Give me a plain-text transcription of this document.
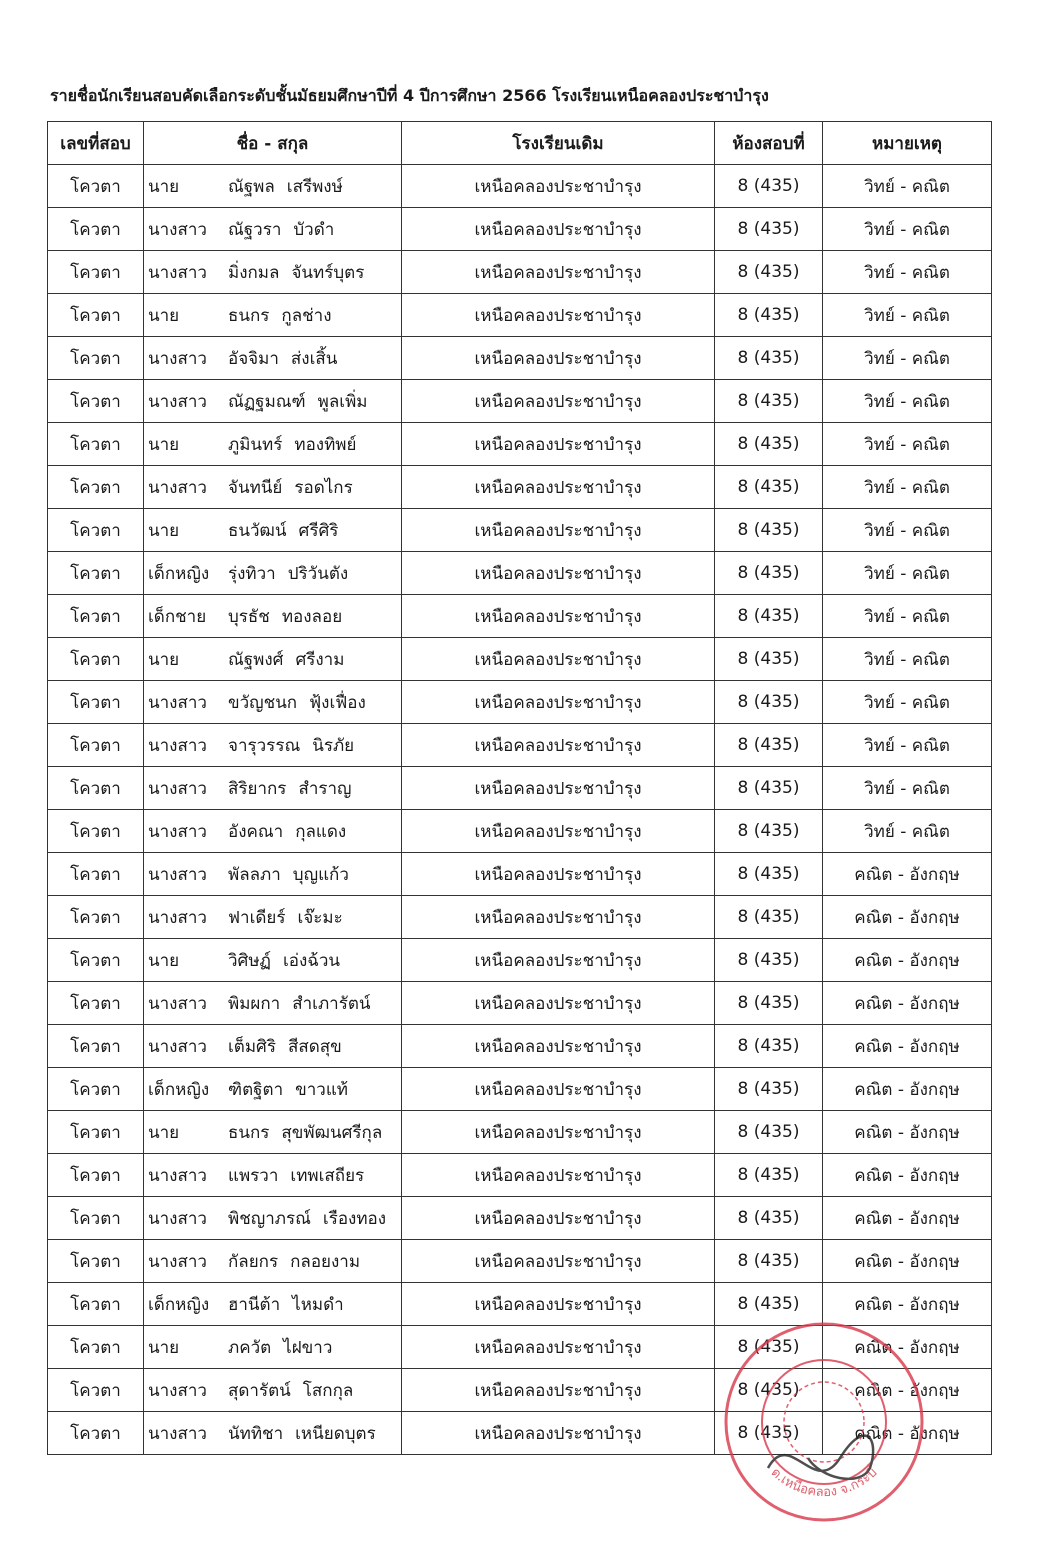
รายชื่อนักเรียนสอบคัดเลือกระดับชั้นมัธยมศึกษาปีที่ 4 ปีการศึกษา 2566 โรงเรียนเหนือคลองประชาบำรุง
เลขที่สอบ	ชื่อ - สกุล	โรงเรียนเดิม	ห้องสอบที่	หมายเหตุ
โควตา	นาย ณัฐพล เสรีพงษ์	เหนือคลองประชาบำรุง	8 (435)	วิทย์ - คณิต
โควตา	นางสาว ณัฐวรา บัวดำ	เหนือคลองประชาบำรุง	8 (435)	วิทย์ - คณิต
โควตา	นางสาว มิ่งกมล จันทร์บุตร	เหนือคลองประชาบำรุง	8 (435)	วิทย์ - คณิต
โควตา	นาย ธนกร กูลช่าง	เหนือคลองประชาบำรุง	8 (435)	วิทย์ - คณิต
โควตา	นางสาว อัจจิมา ส่งเสิ้น	เหนือคลองประชาบำรุง	8 (435)	วิทย์ - คณิต
โควตา	นางสาว ณัฏฐมณฑ์ พูลเพิ่ม	เหนือคลองประชาบำรุง	8 (435)	วิทย์ - คณิต
โควตา	นาย ภูมินทร์ ทองทิพย์	เหนือคลองประชาบำรุง	8 (435)	วิทย์ - คณิต
โควตา	นางสาว จันทนีย์ รอดไกร	เหนือคลองประชาบำรุง	8 (435)	วิทย์ - คณิต
โควตา	นาย ธนวัฒน์ ศรีศิริ	เหนือคลองประชาบำรุง	8 (435)	วิทย์ - คณิต
โควตา	เด็กหญิง รุ่งทิวา ปริวันตัง	เหนือคลองประชาบำรุง	8 (435)	วิทย์ - คณิต
โควตา	เด็กชาย บุรธัช ทองลอย	เหนือคลองประชาบำรุง	8 (435)	วิทย์ - คณิต
โควตา	นาย ณัฐพงศ์ ศรีงาม	เหนือคลองประชาบำรุง	8 (435)	วิทย์ - คณิต
โควตา	นางสาว ขวัญชนก ฟุ้งเฟื่อง	เหนือคลองประชาบำรุง	8 (435)	วิทย์ - คณิต
โควตา	นางสาว จารุวรรณ นิรภัย	เหนือคลองประชาบำรุง	8 (435)	วิทย์ - คณิต
โควตา	นางสาว สิริยากร สำราญ	เหนือคลองประชาบำรุง	8 (435)	วิทย์ - คณิต
โควตา	นางสาว อังคณา กุลแดง	เหนือคลองประชาบำรุง	8 (435)	วิทย์ - คณิต
โควตา	นางสาว พัลลภา บุญแก้ว	เหนือคลองประชาบำรุง	8 (435)	คณิต - อังกฤษ
โควตา	นางสาว ฟาเดียร์ เจ๊ะมะ	เหนือคลองประชาบำรุง	8 (435)	คณิต - อังกฤษ
โควตา	นาย วิศิษฏ์ เอ่งฉ้วน	เหนือคลองประชาบำรุง	8 (435)	คณิต - อังกฤษ
โควตา	นางสาว พิมผกา สำเภารัตน์	เหนือคลองประชาบำรุง	8 (435)	คณิต - อังกฤษ
โควตา	นางสาว เต็มศิริ สีสดสุข	เหนือคลองประชาบำรุง	8 (435)	คณิต - อังกฤษ
โควตา	เด็กหญิง ฑิตฐิตา ขาวแท้	เหนือคลองประชาบำรุง	8 (435)	คณิต - อังกฤษ
โควตา	นาย ธนกร สุขพัฒนศรีกุล	เหนือคลองประชาบำรุง	8 (435)	คณิต - อังกฤษ
โควตา	นางสาว แพรวา เทพเสถียร	เหนือคลองประชาบำรุง	8 (435)	คณิต - อังกฤษ
โควตา	นางสาว พิชญาภรณ์ เรืองทอง	เหนือคลองประชาบำรุง	8 (435)	คณิต - อังกฤษ
โควตา	นางสาว กัลยกร กลอยงาม	เหนือคลองประชาบำรุง	8 (435)	คณิต - อังกฤษ
โควตา	เด็กหญิง ฮานีต้า ไหมดำ	เหนือคลองประชาบำรุง	8 (435)	คณิต - อังกฤษ
โควตา	นาย ภควัต ไฝขาว	เหนือคลองประชาบำรุง	8 (435)	คณิต - อังกฤษ
โควตา	นางสาว สุดารัตน์ โสกกุล	เหนือคลองประชาบำรุง	8 (435)	คณิต - อังกฤษ
โควตา	นางสาว นัททิชา เหนียดบุตร	เหนือคลองประชาบำรุง	8 (435)	คณิต - อังกฤษ
ด.เหนือคลอง จ.กระบี่
